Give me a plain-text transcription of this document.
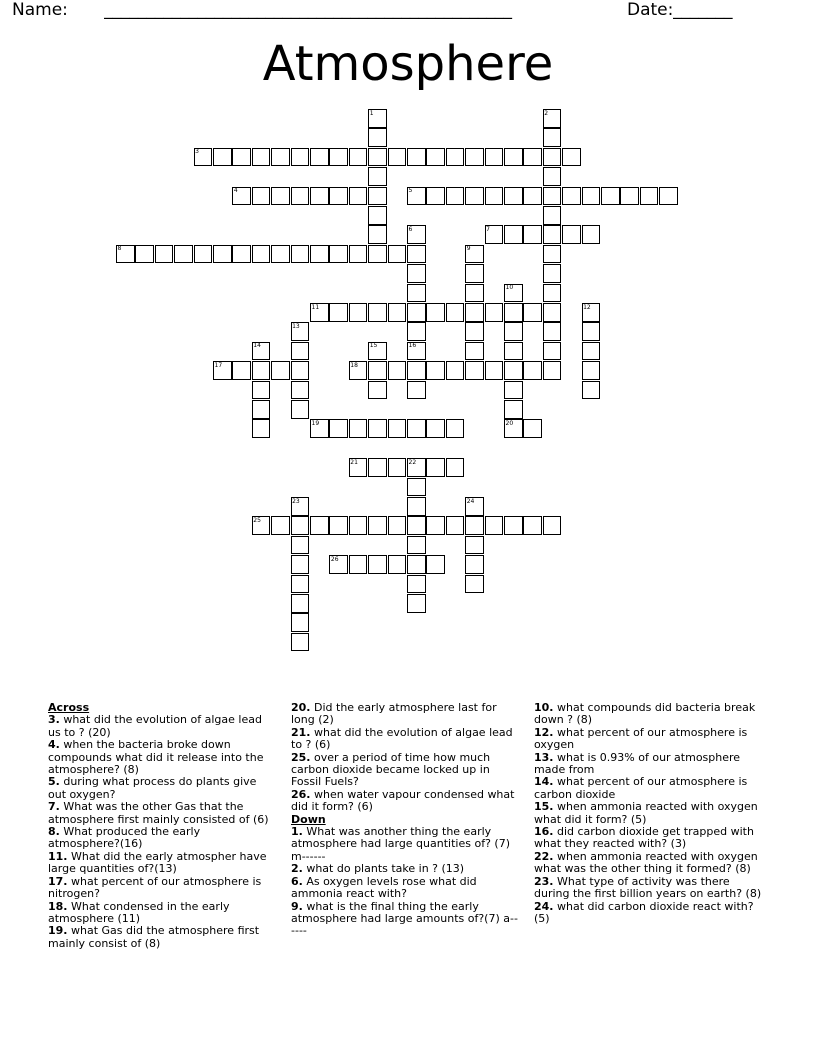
Name: ________________________________________________	Date: _______
Atmosphere
3
4	5
7
8
11
17	18
19	20
21
25
26
1	2
6
9
10
12
13
14	15	16
22
23	24

Across

3. what did the evolution of algae lead us to ? (20)

4. when the bacteria broke down compounds what did it release into the atmosphere? (8)

5. during what process do plants give out oxygen?

7. What was the other Gas that the atmosphere first mainly consisted of (6)

8. What produced the early atmosphere?(16)

11. What did the early atmospher have large quantities of?(13)

17. what percent of our atmosphere is nitrogen?

18. What condensed in the early atmosphere (11)

19. what Gas did the atmosphere first mainly consist of (8)

20. Did the early atmosphere last for long (2)

21. what did the evolution of algae lead to ? (6)

25. over a period of time how much carbon dioxide became locked up in Fossil Fuels?

26. when water vapour condensed what did it form? (6)

Down

1. What was another thing the early atmosphere had large quantities of? (7) m------

2. what do plants take in ? (13)

6. As oxygen levels rose what did ammonia react with?

9. what is the final thing the early atmosphere had large amounts of?(7) a------

10. what compounds did bacteria break down ? (8)

12. what percent of our atmosphere is oxygen

13. what is 0.93% of our atmosphere made from

14. what percent of our atmosphere is carbon dioxide

15. when ammonia reacted with oxygen what did it form? (5)

16. did carbon dioxide get trapped with what they reacted with? (3)

22. when ammonia reacted with oxygen what was the other thing it formed? (8)

23. What type of activity was there during the first billion years on earth? (8)

24. what did carbon dioxide react with? (5)
